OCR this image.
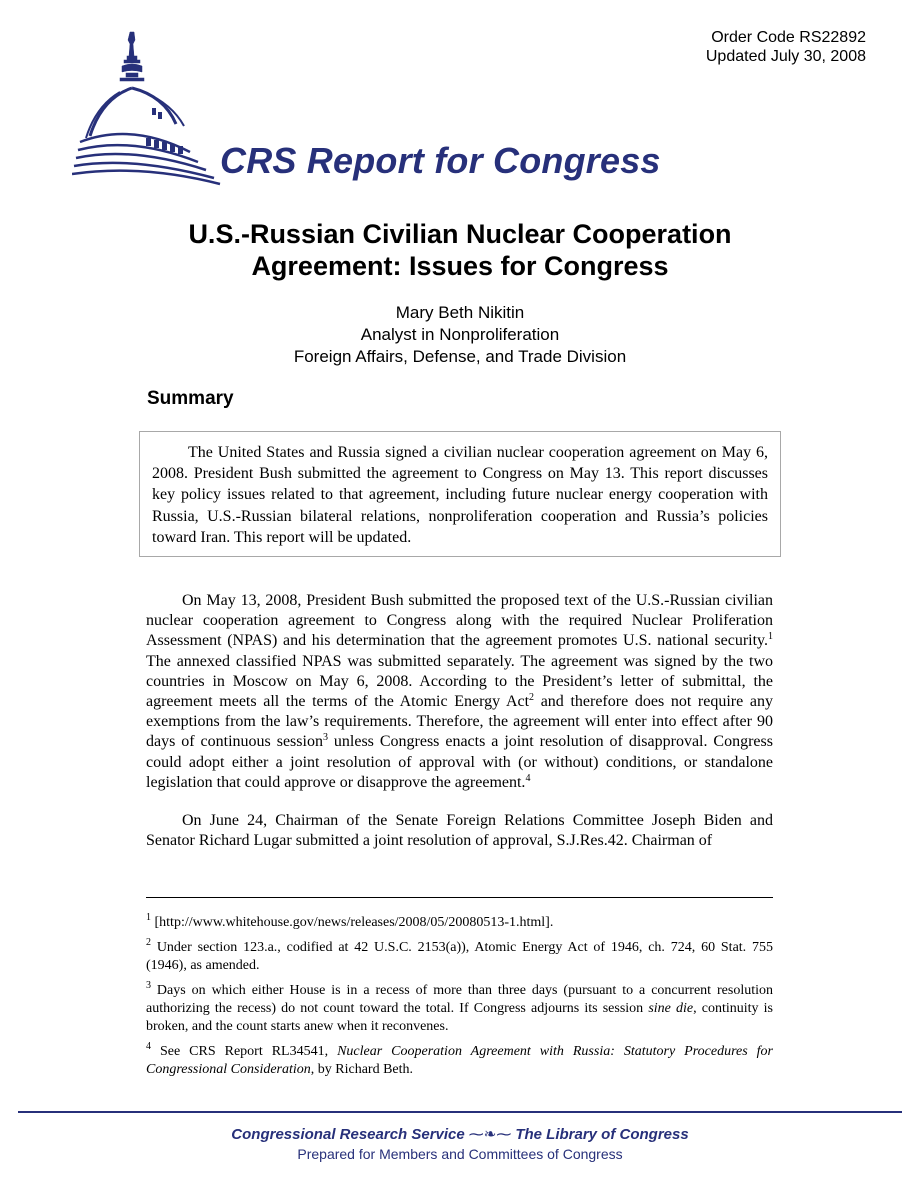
Order Code RS22892
Updated July 30, 2008
CRS Report for Congress
U.S.-Russian Civilian Nuclear Cooperation Agreement: Issues for Congress
Mary Beth Nikitin
Analyst in Nonproliferation
Foreign Affairs, Defense, and Trade Division
Summary

The United States and Russia signed a civilian nuclear cooperation agreement on May 6, 2008. President Bush submitted the agreement to Congress on May 13. This report discusses key policy issues related to that agreement, including future nuclear energy cooperation with Russia, U.S.-Russian bilateral relations, nonproliferation cooperation and Russia’s policies toward Iran. This report will be updated.

On May 13, 2008, President Bush submitted the proposed text of the U.S.-Russian civilian nuclear cooperation agreement to Congress along with the required Nuclear Proliferation Assessment (NPAS) and his determination that the agreement promotes U.S. national security.$^1$ The annexed classified NPAS was submitted separately. The agreement was signed by the two countries in Moscow on May 6, 2008. According to the President’s letter of submittal, the agreement meets all the terms of the Atomic Energy Act$^2$ and therefore does not require any exemptions from the law’s requirements. Therefore, the agreement will enter into effect after 90 days of continuous session$^3$ unless Congress enacts a joint resolution of disapproval. Congress could adopt either a joint resolution of approval with (or without) conditions, or standalone legislation that could approve or disapprove the agreement.$^4$

On June 24, Chairman of the Senate Foreign Relations Committee Joseph Biden and Senator Richard Lugar submitted a joint resolution of approval, S.J.Res.42. Chairman of

$^1$ [http://www.whitehouse.gov/news/releases/2008/05/20080513-1.html].
$^2$ Under section 123.a., codified at 42 U.S.C. 2153(a)), Atomic Energy Act of 1946, ch. 724, 60 Stat. 755 (1946), as amended.
$^3$ Days on which either House is in a recess of more than three days (pursuant to a concurrent resolution authorizing the recess) do not count toward the total. If Congress adjourns its session sine die, continuity is broken, and the count starts anew when it reconvenes.
$^4$ See CRS Report RL34541, Nuclear Cooperation Agreement with Russia: Statutory Procedures for Congressional Consideration, by Richard Beth.
Congressional Research Service ⁓❧⁓ The Library of Congress
Prepared for Members and Committees of Congress
